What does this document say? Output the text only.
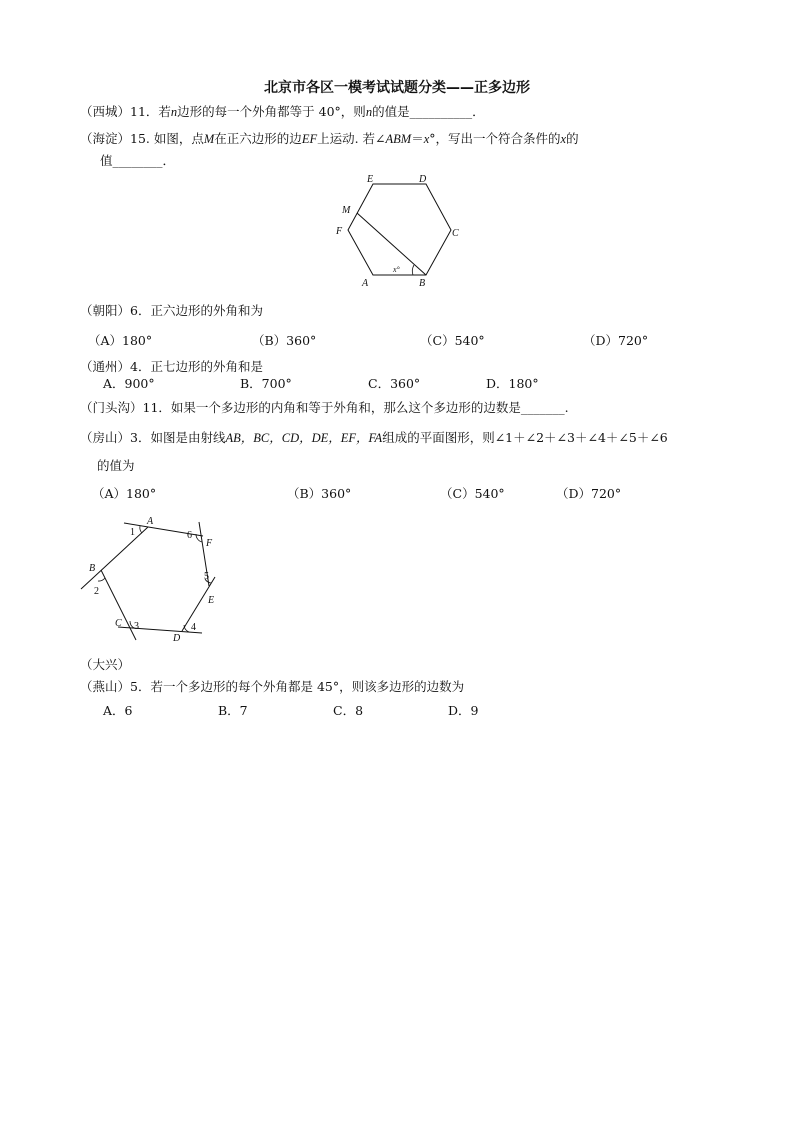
北京市各区一模考试试题分类——正多边形
（西城）11．若n边形的每一个外角都等于 40°，则n的值是__________．
（海淀）15. 如图，点M在正六边形的边EF上运动. 若∠ABM＝x°，写出一个符合条件的x的
值________．
E	D
M
F	C
A	B
x°
（朝阳）6．正六边形的外角和为
（A）180°	（B）360°	（C）540°	（D）720°
（通州）4．正七边形的外角和是
A．900°	B．700°	C．360°	D．180°
（门头沟）11．如果一个多边形的内角和等于外角和，那么这个多边形的边数是_______.
（房山）3．如图是由射线AB，BC，CD，DE，EF，FA组成的平面图形，则∠1＋∠2＋∠3＋∠4＋∠5＋∠6
的值为
（A）180°	（B）360°	（C）540°	（D）720°
A
F
B
E
C
D
1	6
2
5
3	4
（大兴）
（燕山）5．若一个多边形的每个外角都是 45°，则该多边形的边数为
A．6	B．7	C．8	D．9
